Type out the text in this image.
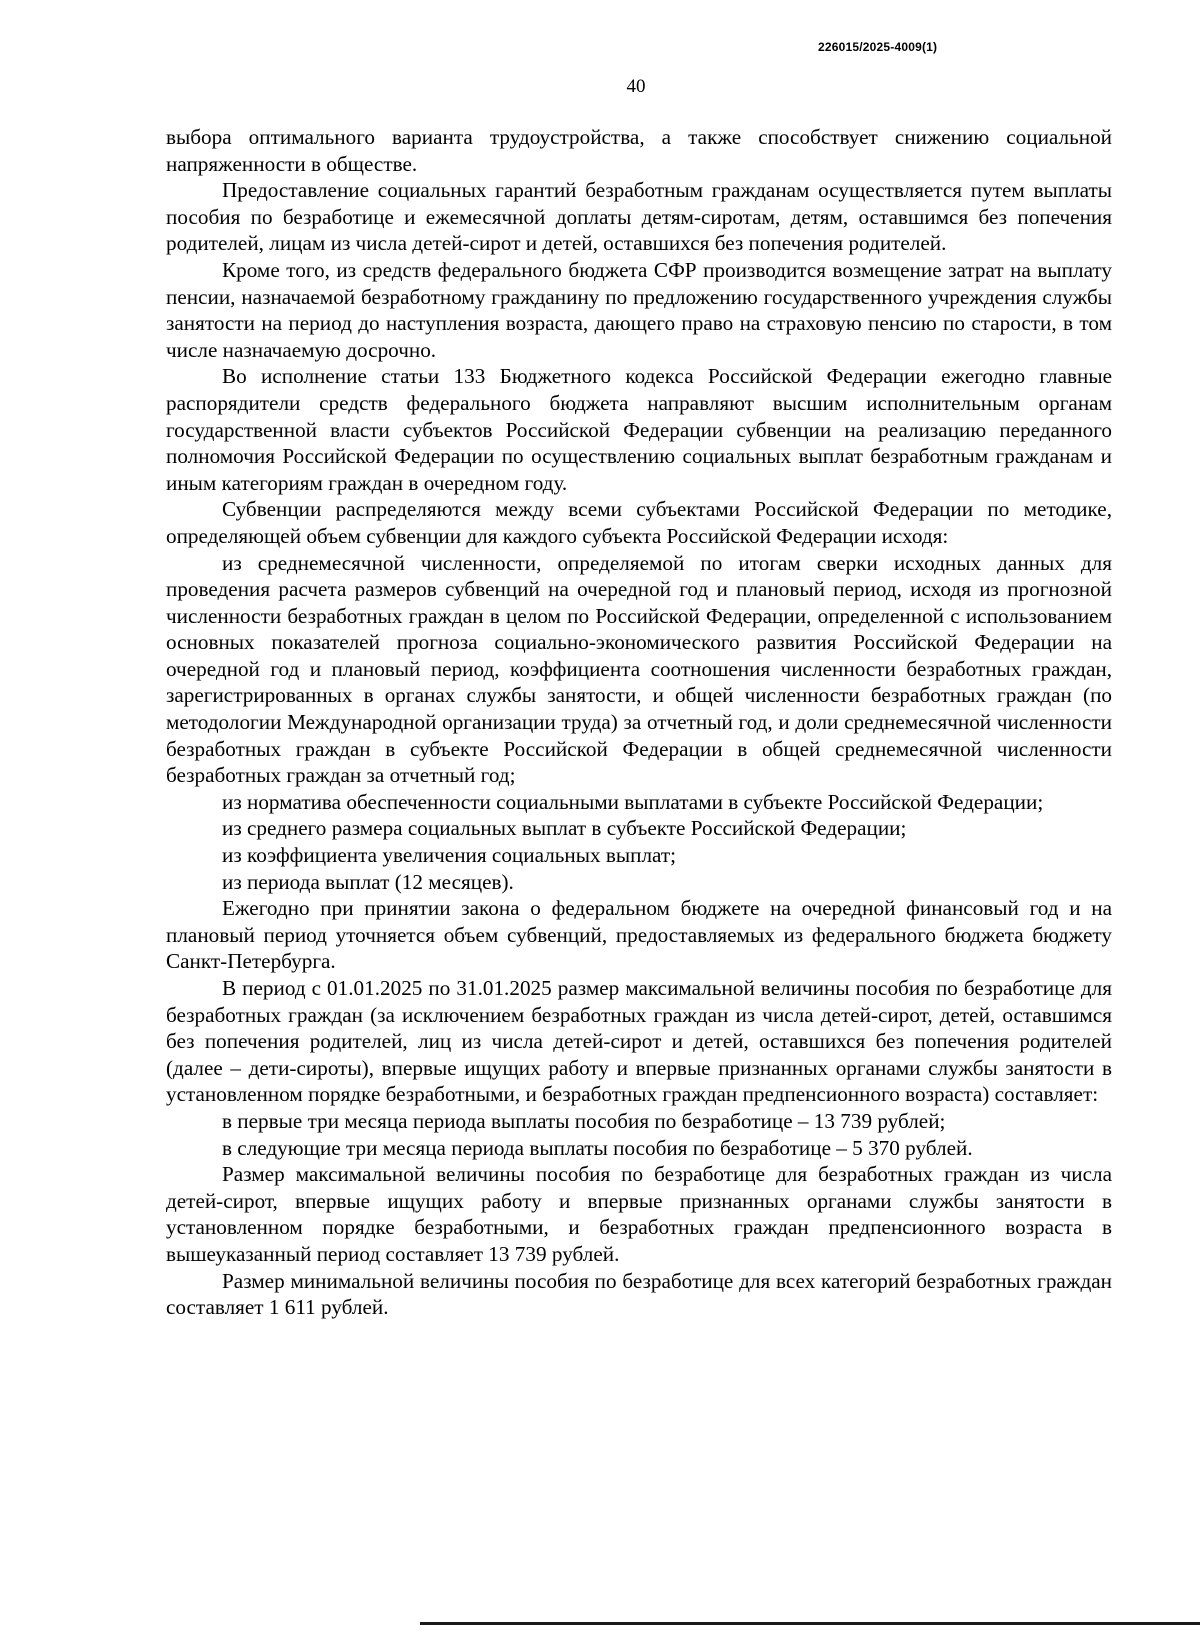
226015/2025-4009(1)
40

выбора оптимального варианта трудоустройства, а также способствует снижению социальной напряженности в обществе.

Предоставление социальных гарантий безработным гражданам осуществляется путем выплаты пособия по безработице и ежемесячной доплаты детям-сиротам, детям, оставшимся без попечения родителей, лицам из числа детей-сирот и детей, оставшихся без попечения родителей.

Кроме того, из средств федерального бюджета СФР производится возмещение затрат на выплату пенсии, назначаемой безработному гражданину по предложению государственного учреждения службы занятости на период до наступления возраста, дающего право на страховую пенсию по старости, в том числе назначаемую досрочно.

Во исполнение статьи 133 Бюджетного кодекса Российской Федерации ежегодно главные распорядители средств федерального бюджета направляют высшим исполнительным органам государственной власти субъектов Российской Федерации субвенции на реализацию переданного полномочия Российской Федерации по осуществлению социальных выплат безработным гражданам и иным категориям граждан в очередном году.

Субвенции распределяются между всеми субъектами Российской Федерации по методике, определяющей объем субвенции для каждого субъекта Российской Федерации исходя:

из среднемесячной численности, определяемой по итогам сверки исходных данных для проведения расчета размеров субвенций на очередной год и плановый период, исходя из прогнозной численности безработных граждан в целом по Российской Федерации, определенной с использованием основных показателей прогноза социально-экономического развития Российской Федерации на очередной год и плановый период, коэффициента соотношения численности безработных граждан, зарегистрированных в органах службы занятости, и общей численности безработных граждан (по методологии Международной организации труда) за отчетный год, и доли среднемесячной численности безработных граждан в субъекте Российской Федерации в общей среднемесячной численности безработных граждан за отчетный год;

из норматива обеспеченности социальными выплатами в субъекте Российской Федерации;

из среднего размера социальных выплат в субъекте Российской Федерации;

из коэффициента увеличения социальных выплат;

из периода выплат (12 месяцев).

Ежегодно при принятии закона о федеральном бюджете на очередной финансовый год и на плановый период уточняется объем субвенций, предоставляемых из федерального бюджета бюджету Санкт-Петербурга.

В период с 01.01.2025 по 31.01.2025 размер максимальной величины пособия по безработице для безработных граждан (за исключением безработных граждан из числа детей-сирот, детей, оставшимся без попечения родителей, лиц из числа детей-сирот и детей, оставшихся без попечения родителей (далее – дети-сироты), впервые ищущих работу и впервые признанных органами службы занятости в установленном порядке безработными, и безработных граждан предпенсионного возраста) составляет:

в первые три месяца периода выплаты пособия по безработице – 13 739 рублей;

в следующие три месяца периода выплаты пособия по безработице – 5 370 рублей.

Размер максимальной величины пособия по безработице для безработных граждан из числа детей-сирот, впервые ищущих работу и впервые признанных органами службы занятости в установленном порядке безработными, и безработных граждан предпенсионного возраста в вышеуказанный период составляет 13 739 рублей.

Размер минимальной величины пособия по безработице для всех категорий безработных граждан составляет 1 611 рублей.
